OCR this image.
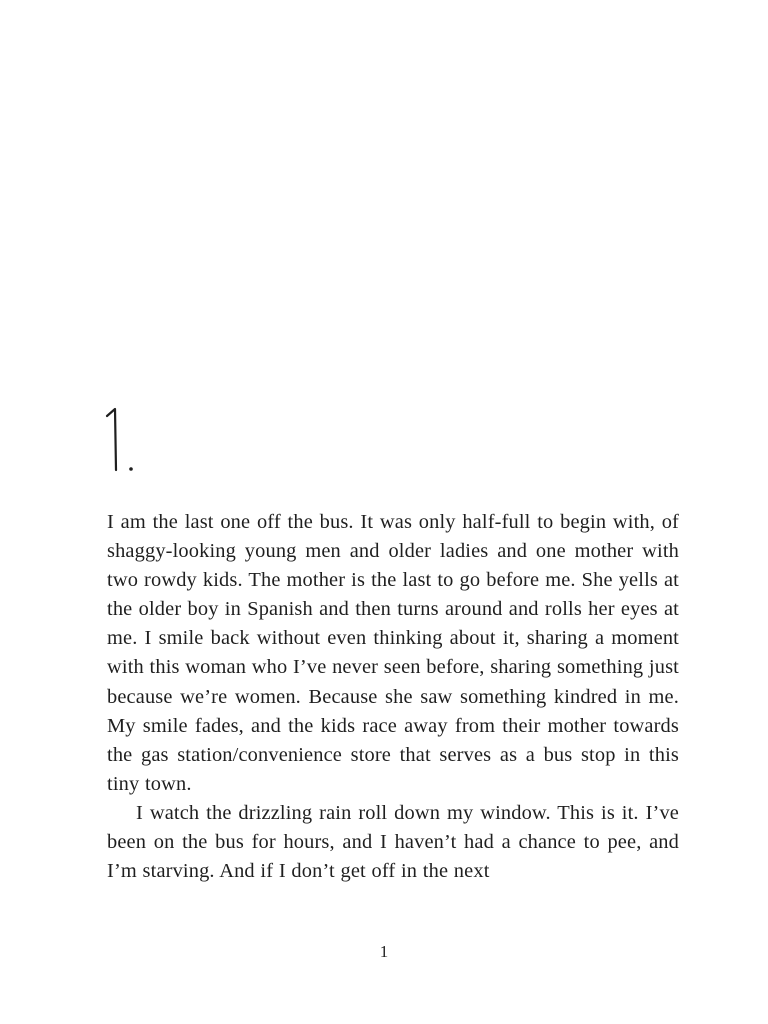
I am the last one off the bus. It was only half-full to begin with, of shaggy-looking young men and older ladies and one mother with two rowdy kids. The mother is the last to go before me. She yells at the older boy in Spanish and then turns around and rolls her eyes at me. I smile back without even thinking about it, sharing a moment with this woman who I’ve never seen before, sharing something just because we’re women. Because she saw something kindred in me. My smile fades, and the kids race away from their mother towards the gas station/convenience store that serves as a bus stop in this tiny town.

I watch the drizzling rain roll down my window. This is it. I’ve been on the bus for hours, and I haven’t had a chance to pee, and I’m starving. And if I don’t get off in the next

1
